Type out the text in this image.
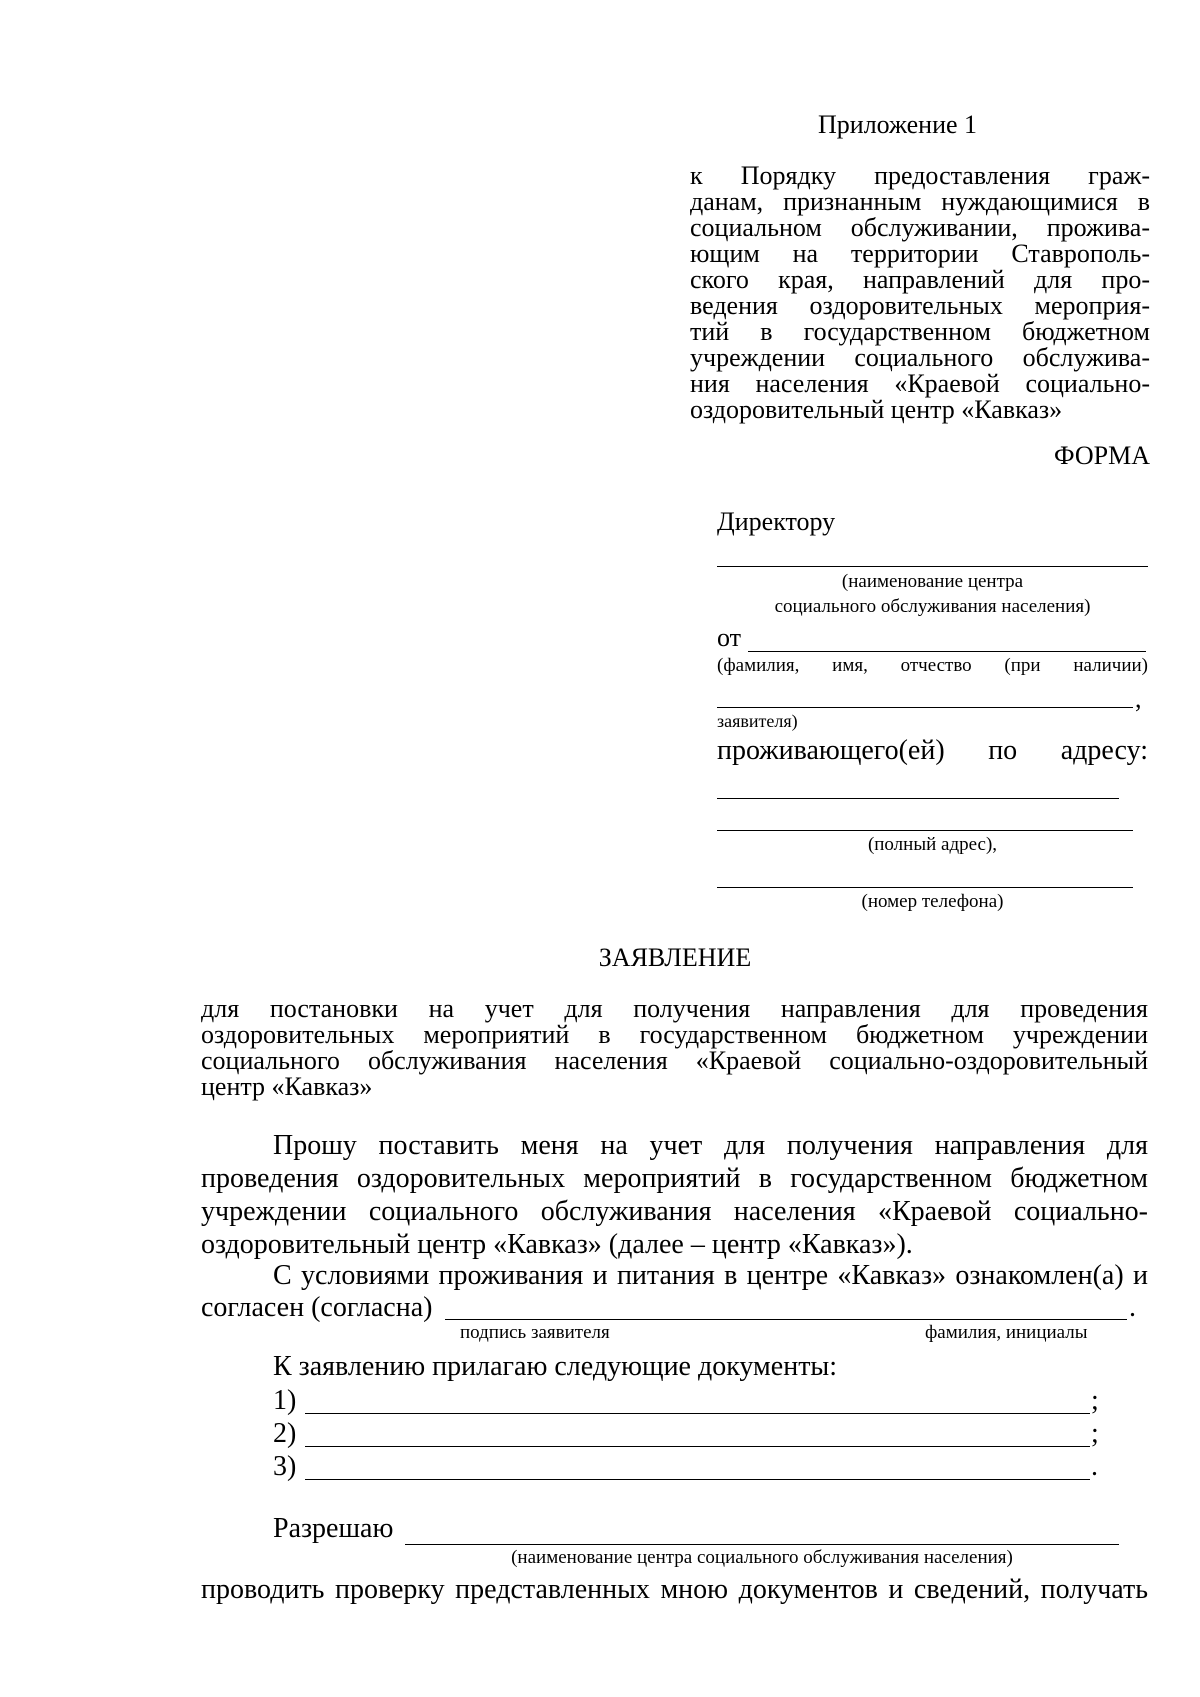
Приложение 1
к Порядку предоставления граж-
данам, признанным нуждающимися в
социальном обслуживании, прожива-
ющим на территории Ставрополь-
ского края, направлений для про-
ведения оздоровительных мероприя-
тий в государственном бюджетном
учреждении социального обслужива-
ния населения «Краевой социально-
оздоровительный центр «Кавказ»
ФОРМА
Директору
(наименование центра
социального обслуживания населения)
от
(фамилия, имя, отчество (при наличии)
,
заявителя)
проживающего(ей) по адресу:
(полный адрес),
(номер телефона)
ЗАЯВЛЕНИЕ
для постановки на учет для получения направления для проведения
оздоровительных мероприятий в государственном бюджетном учреждении
социального обслуживания населения «Краевой социально-оздоровительный
центр «Кавказ»
Прошу поставить меня на учет для получения направления для
проведения оздоровительных мероприятий в государственном бюджетном
учреждении социального обслуживания населения «Краевой социально-
оздоровительный центр «Кавказ» (далее – центр «Кавказ»).
С условиями проживания и питания в центре «Кавказ» ознакомлен(а) и
согласен (согласна)	.
подпись заявителя	фамилия, инициалы
К заявлению прилагаю следующие документы:
1)	;
2)	;
3)	.
Разрешаю
(наименование центра социального обслуживания населения)
проводить проверку представленных мною документов и сведений, получать
